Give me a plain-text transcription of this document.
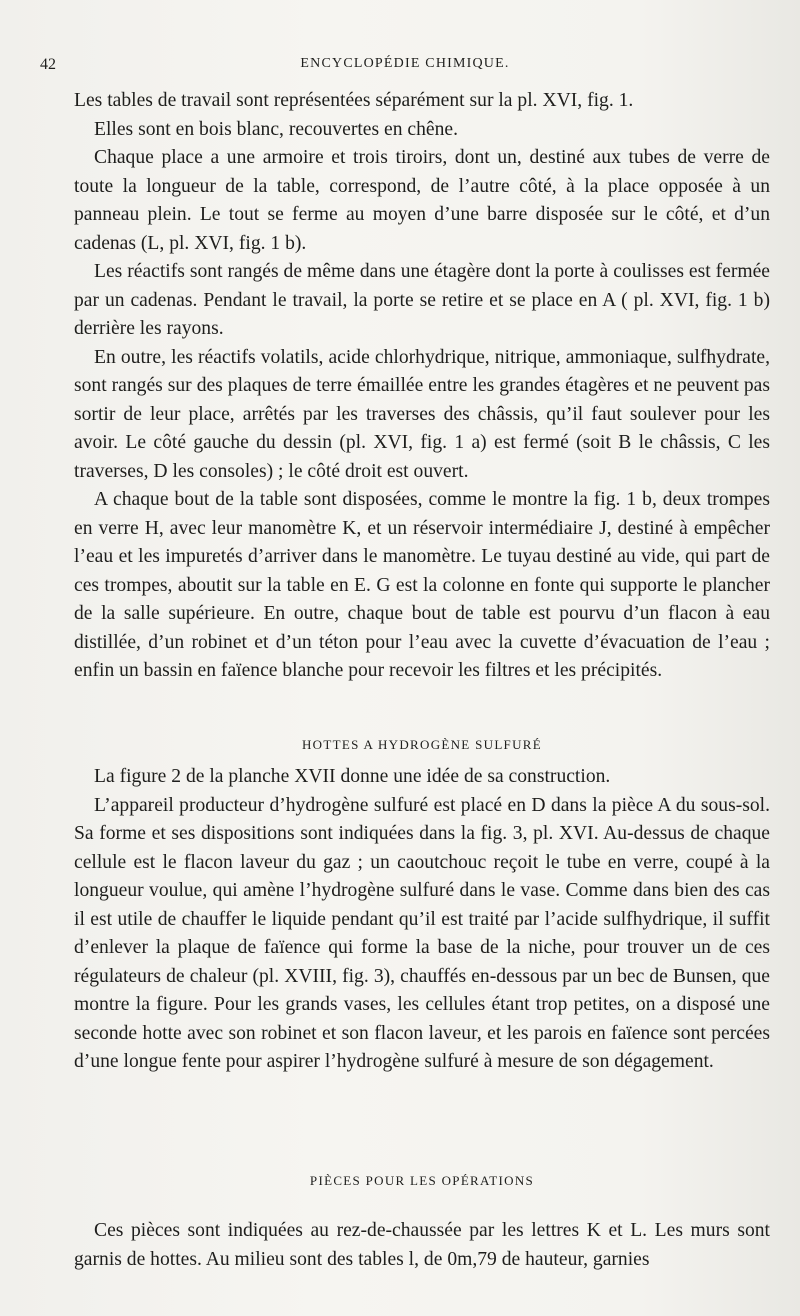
42	ENCYCLOPÉDIE CHIMIQUE.

Les tables de travail sont représentées séparément sur la pl. XVI, fig. 1.

Elles sont en bois blanc, recouvertes en chêne.

Chaque place a une armoire et trois tiroirs, dont un, destiné aux tubes de verre de toute la longueur de la table, correspond, de l’autre côté, à la place opposée à un panneau plein. Le tout se ferme au moyen d’une barre disposée sur le côté, et d’un cadenas (L, pl. XVI, fig. 1 b).

Les réactifs sont rangés de même dans une étagère dont la porte à coulisses est fermée par un cadenas. Pendant le travail, la porte se retire et se place en A ( pl. XVI, fig. 1 b) derrière les rayons.

En outre, les réactifs volatils, acide chlorhydrique, nitrique, ammoniaque, sulfhydrate, sont rangés sur des plaques de terre émaillée entre les grandes étagères et ne peuvent pas sortir de leur place, arrêtés par les traverses des châssis, qu’il faut soulever pour les avoir. Le côté gauche du dessin (pl. XVI, fig. 1 a) est fermé (soit B le châssis, C les traverses, D les consoles) ; le côté droit est ouvert.

A chaque bout de la table sont disposées, comme le montre la fig. 1 b, deux trompes en verre H, avec leur manomètre K, et un réservoir intermédiaire J, destiné à empêcher l’eau et les impuretés d’arriver dans le manomètre. Le tuyau destiné au vide, qui part de ces trompes, aboutit sur la table en E. G est la colonne en fonte qui supporte le plancher de la salle supérieure. En outre, chaque bout de table est pourvu d’un flacon à eau distillée, d’un robinet et d’un téton pour l’eau avec la cuvette d’évacuation de l’eau ; enfin un bassin en faïence blanche pour recevoir les filtres et les précipités.

HOTTES A HYDROGÈNE SULFURÉ

La figure 2 de la planche XVII donne une idée de sa construction.

L’appareil producteur d’hydrogène sulfuré est placé en D dans la pièce A du sous-sol. Sa forme et ses dispositions sont indiquées dans la fig. 3, pl. XVI. Au-dessus de chaque cellule est le flacon laveur du gaz ; un caoutchouc reçoit le tube en verre, coupé à la longueur voulue, qui amène l’hydrogène sulfuré dans le vase. Comme dans bien des cas il est utile de chauffer le liquide pendant qu’il est traité par l’acide sulfhydrique, il suffit d’enlever la plaque de faïence qui forme la base de la niche, pour trouver un de ces régulateurs de chaleur (pl. XVIII, fig. 3), chauffés en-dessous par un bec de Bunsen, que montre la figure. Pour les grands vases, les cellules étant trop petites, on a disposé une seconde hotte avec son robinet et son flacon laveur, et les parois en faïence sont percées d’une longue fente pour aspirer l’hydrogène sulfuré à mesure de son dégagement.

PIÈCES POUR LES OPÉRATIONS

Ces pièces sont indiquées au rez-de-chaussée par les lettres K et L. Les murs sont garnis de hottes. Au milieu sont des tables l, de 0m,79 de hauteur, garnies
